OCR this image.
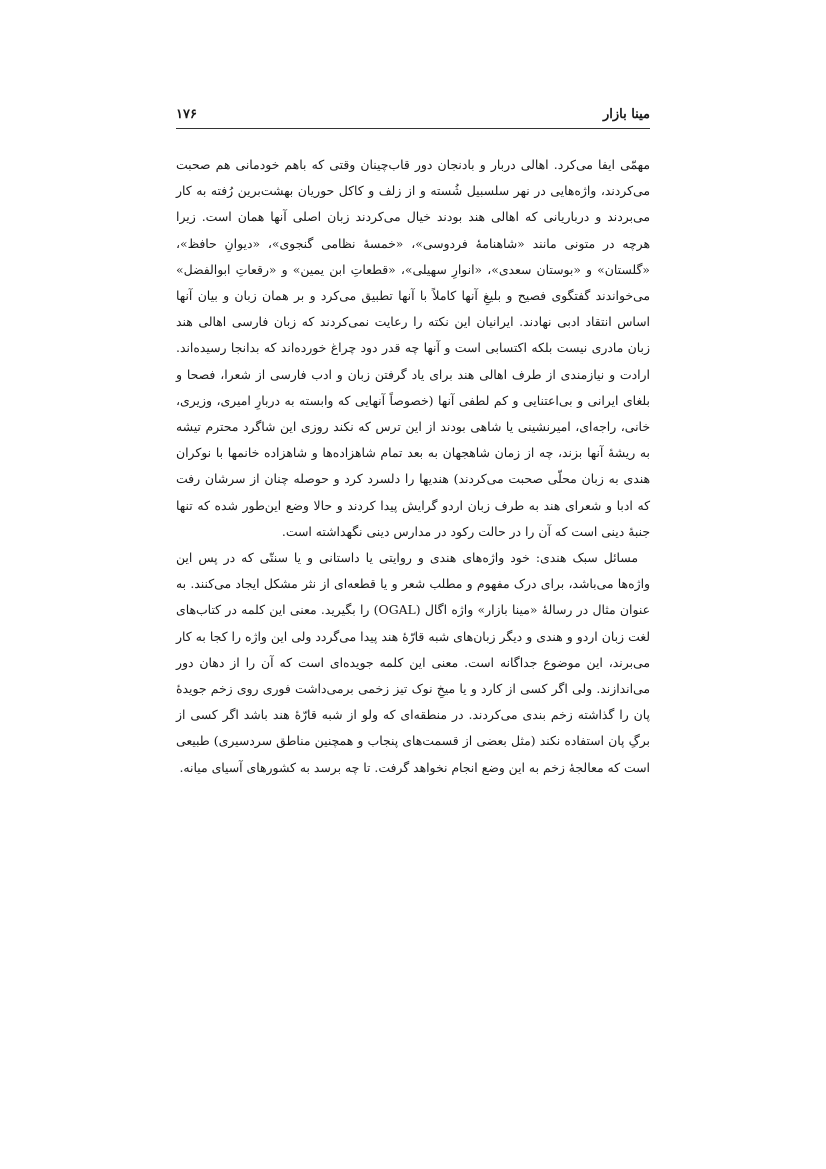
مینا بازار
۱۷۶

مهمّی ایفا می‌کرد. اهالی دربار و بادنجان دور قاب‌چینان وقتی که باهم خودمانی هم صحبت می‌کردند، واژه‌هایی در نهر سلسبیل شُسته و از زلف و کاکل حوریان بهشت‌برین رُفته به کار می‌بردند و درباریانی که اهالی هند بودند خیال می‌کردند زبان اصلی آنها همان است. زیرا هرچه در متونی مانند «شاهنامهٔ فردوسی»، «خمسهٔ نظامی گنجوی»، «دیوانِ حافظ»، «گلستان» و «بوستان سعدی»، «انوارِ سهیلی»، «قطعاتِ ابن یمین» و «رقعاتِ ابوالفضل» می‌خواندند گفتگوی فصیح و بلیغِ آنها کاملاً با آنها تطبیق می‌کرد و بر همان زبان و بیان آنها اساس انتقاد ادبی نهادند. ایرانیان این نکته را رعایت نمی‌کردند که زبان فارسی اهالی هند زبان مادری نیست بلکه اکتسابی است و آنها چه قدر دود چراغ خورده‌اند که بدانجا رسیده‌اند. ارادت و نیازمندی از طرف اهالی هند برای یاد گرفتن زبان و ادب فارسی از شعرا، فصحا و بلغای ایرانی و بی‌اعتنایی و کم لطفی آنها (خصوصاً آنهایی که وابسته به دربارِ امیری، وزیری، خانی، راجه‌ای، امیرنشینی یا شاهی بودند از این ترس که نکند روزی این شاگرد محترم تیشه به ریشهٔ آنها بزند، چه از زمان شاهجهان به بعد تمام شاهزاده‌ها و شاهزاده خانمها با نوکران هندی به زبان محلّی صحبت می‌کردند) هندیها را دلسرد کرد و حوصله چنان از سرشان رفت که ادبا و شعرای هند به طرف زبان اردو گرایش پیدا کردند و حالا وضع این‌طور شده که تنها جنبهٔ دینی است که آن را در حالت رکود در مدارس دینی نگهداشته است.

مسائل سبک هندی: خود واژه‌های هندی و روایتی یا داستانی و یا سنتّی که در پس این واژه‌ها می‌باشد، برای درک مفهوم و مطلب شعر و یا قطعه‌ای از نثر مشکل ایجاد می‌کنند. به عنوان مثال در رسالهٔ «مینا بازار» واژه اگال (OGAL) را بگیرید. معنی این کلمه در کتاب‌های لغت زبان اردو و هندی و دیگر زبان‌های شبه قارّهٔ هند پیدا می‌گردد ولی این واژه را کجا به کار می‌برند، این موضوع جداگانه است. معنی این کلمه جویده‌ای است که آن را از دهان دور می‌اندازند. ولی اگر کسی از کارد و یا میخِ نوک تیز زخمی برمی‌داشت فوری روی زخم جویدهٔ پان را گذاشته زخم بندی می‌کردند. در منطقه‌ای که ولو از شبه قارّهٔ هند باشد اگر کسی از برگِ پان استفاده نکند (مثل بعضی از قسمت‌های پنجاب و همچنین مناطق سردسیری) طبیعی است که معالجهٔ زخم به این وضع انجام نخواهد گرفت. تا چه برسد به کشورهای آسیای میانه.
